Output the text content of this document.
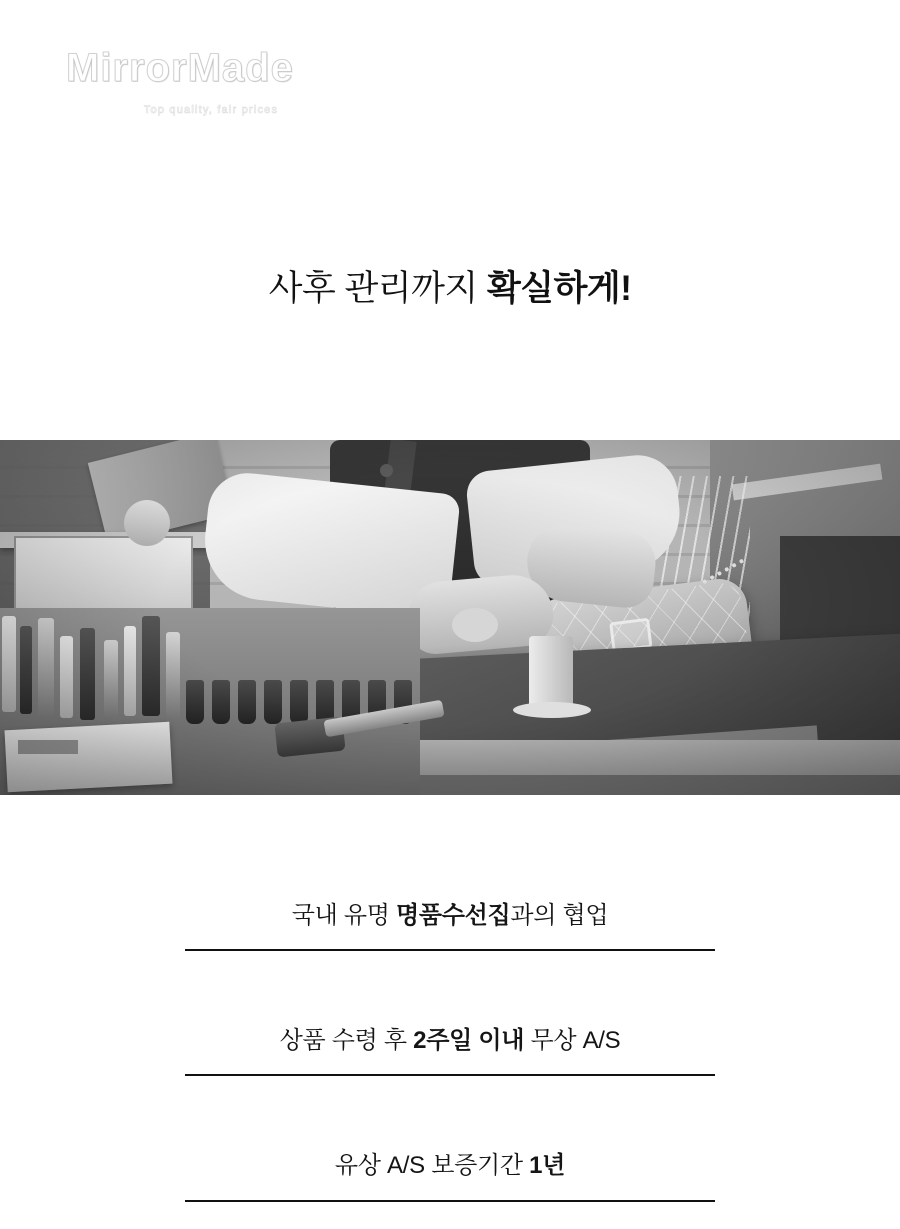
MirrorMade
Top quality, fair prices
사후 관리까지 확실하게!
국내 유명 명품수선집과의 협업
상품 수령 후 2주일 이내 무상 A/S
유상 A/S 보증기간 1년
